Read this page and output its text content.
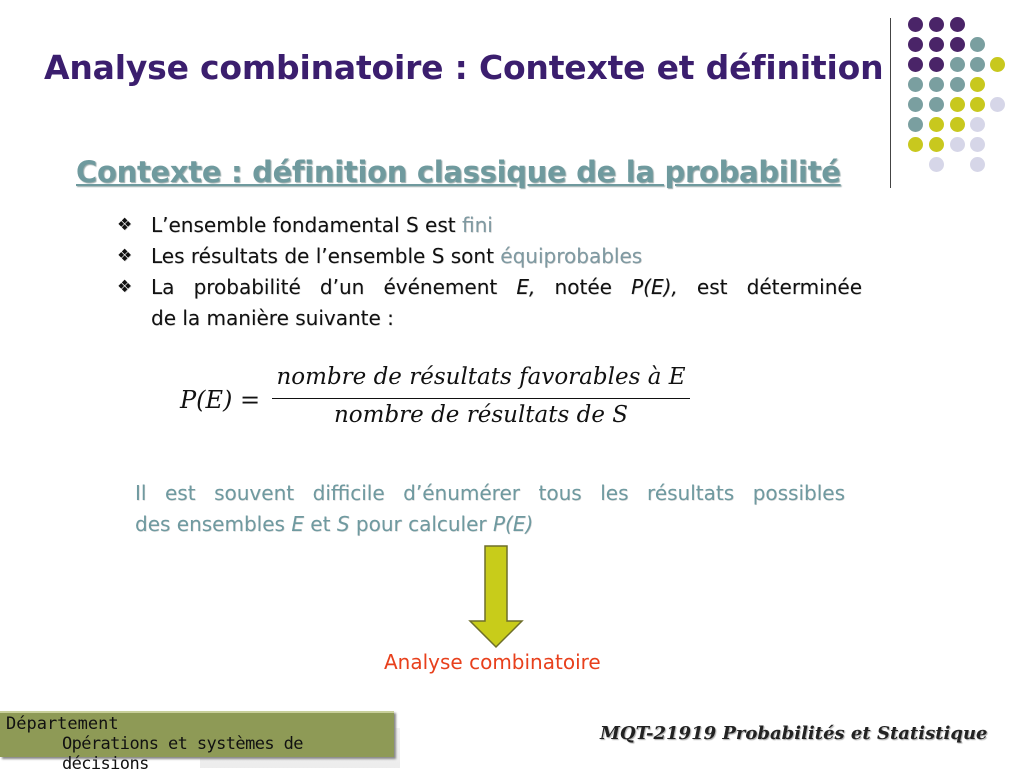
Analyse combinatoire : Contexte et définition
Contexte : définition classique de la probabilité
❖ L’ensemble fondamental S est fini
❖ Les résultats de l’ensemble S sont équiprobables
❖ La probabilité d’un événement E, notée P(E), est déterminée
de la manière suivante :
P(E) =
nombre de résultats favorables à E
nombre de résultats de S
Il est souvent difficile d’énumérer tous les résultats possibles
des ensembles E et S pour calculer P(E)
Analyse combinatoire
Département
Opérations et systèmes de décisions
MQT-21919 Probabilités et Statistique
